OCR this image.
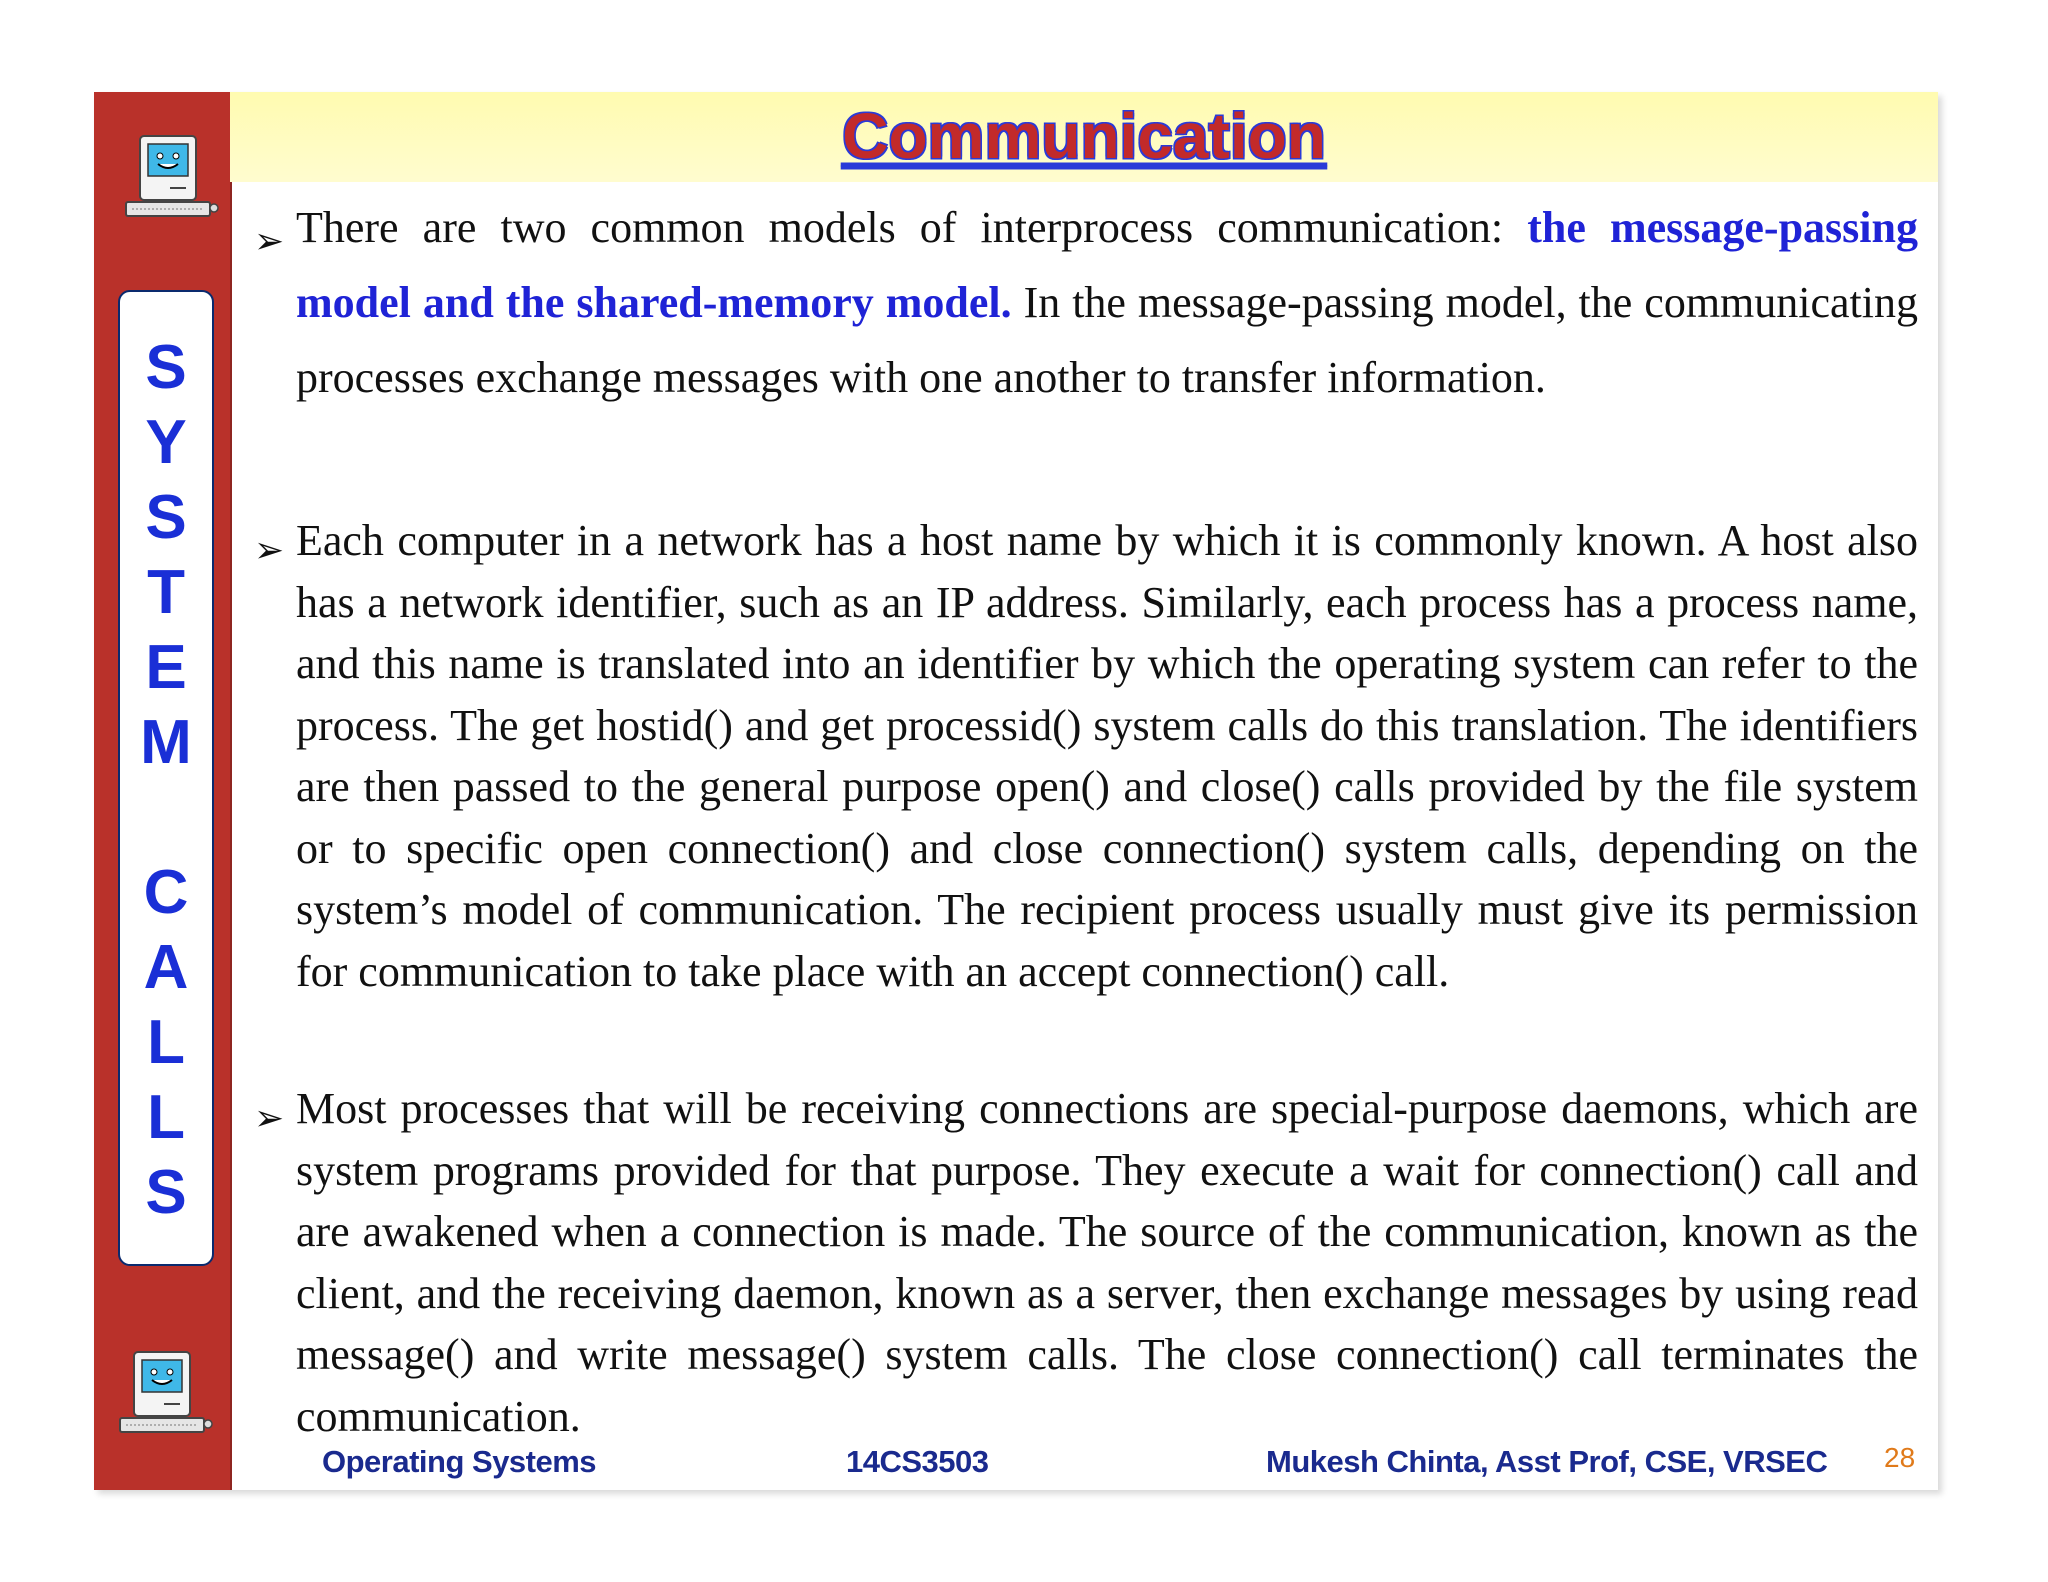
S
Y
S
T
E
M
C
A
L
L
S
Communication
➢ There are two common models of interprocess communication: the message-passing model and the shared-memory model. In the message-passing model, the communicating processes exchange messages with one another to transfer information.
➢ Each computer in a network has a host name by which it is commonly known. A host also has a network identifier, such as an IP address. Similarly, each process has a process name, and this name is translated into an identifier by which the operating system can refer to the process. The get hostid() and get processid() system calls do this translation. The identifiers are then passed to the general purpose open() and close() calls provided by the file system or to specific open connection() and close connection() system calls, depending on the system’s model of communication. The recipient process usually must give its permission for communication to take place with an accept connection() call.
➢ Most processes that will be receiving connections are special-purpose daemons, which are system programs provided for that purpose. They execute a wait for connection() call and are awakened when a connection is made. The source of the communication, known as the client, and the receiving daemon, known as a server, then exchange messages by using read message() and write message() system calls. The close connection() call terminates the communication.
Operating Systems	14CS3503	Mukesh Chinta, Asst Prof, CSE, VRSEC 28
